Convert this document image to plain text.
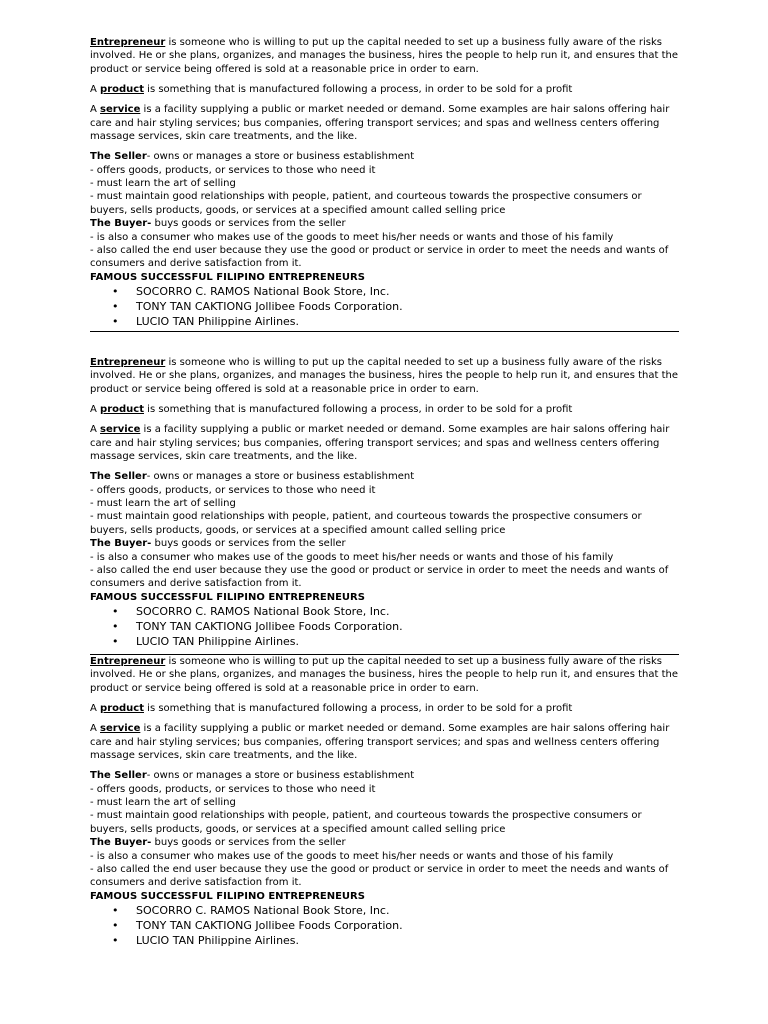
Entrepreneur is someone who is willing to put up the capital needed to set up a business fully aware of the risks involved. He or she plans, organizes, and manages the business, hires the people to help run it, and ensures that the product or service being offered is sold at a reasonable price in order to earn.

A product is something that is manufactured following a process, in order to be sold for a profit

A service is a facility supplying a public or market needed or demand. Some examples are hair salons offering hair care and hair styling services; bus companies, offering transport services; and spas and wellness centers offering massage services, skin care treatments, and the like.

The Seller- owns or manages a store or business establishment

- offers goods, products, or services to those who need it

- must learn the art of selling

- must maintain good relationships with people, patient, and courteous towards the prospective consumers or buyers, sells products, goods, or services at a specified amount called selling price

The Buyer- buys goods or services from the seller

- is also a consumer who makes use of the goods to meet his/her needs or wants and those of his family

- also called the end user because they use the good or product or service in order to meet the needs and wants of consumers and derive satisfaction from it.

FAMOUS SUCCESSFUL FILIPINO ENTREPRENEURS

• SOCORRO C. RAMOS National Book Store, Inc.
• TONY TAN CAKTIONG Jollibee Foods Corporation.
• LUCIO TAN Philippine Airlines.

Entrepreneur is someone who is willing to put up the capital needed to set up a business fully aware of the risks involved. He or she plans, organizes, and manages the business, hires the people to help run it, and ensures that the product or service being offered is sold at a reasonable price in order to earn.

A product is something that is manufactured following a process, in order to be sold for a profit

A service is a facility supplying a public or market needed or demand. Some examples are hair salons offering hair care and hair styling services; bus companies, offering transport services; and spas and wellness centers offering massage services, skin care treatments, and the like.

The Seller- owns or manages a store or business establishment

- offers goods, products, or services to those who need it

- must learn the art of selling

- must maintain good relationships with people, patient, and courteous towards the prospective consumers or buyers, sells products, goods, or services at a specified amount called selling price

The Buyer- buys goods or services from the seller

- is also a consumer who makes use of the goods to meet his/her needs or wants and those of his family

- also called the end user because they use the good or product or service in order to meet the needs and wants of consumers and derive satisfaction from it.

FAMOUS SUCCESSFUL FILIPINO ENTREPRENEURS

• SOCORRO C. RAMOS National Book Store, Inc.
• TONY TAN CAKTIONG Jollibee Foods Corporation.
• LUCIO TAN Philippine Airlines.

Entrepreneur is someone who is willing to put up the capital needed to set up a business fully aware of the risks involved. He or she plans, organizes, and manages the business, hires the people to help run it, and ensures that the product or service being offered is sold at a reasonable price in order to earn.

A product is something that is manufactured following a process, in order to be sold for a profit

A service is a facility supplying a public or market needed or demand. Some examples are hair salons offering hair care and hair styling services; bus companies, offering transport services; and spas and wellness centers offering massage services, skin care treatments, and the like.

The Seller- owns or manages a store or business establishment

- offers goods, products, or services to those who need it

- must learn the art of selling

- must maintain good relationships with people, patient, and courteous towards the prospective consumers or buyers, sells products, goods, or services at a specified amount called selling price

The Buyer- buys goods or services from the seller

- is also a consumer who makes use of the goods to meet his/her needs or wants and those of his family

- also called the end user because they use the good or product or service in order to meet the needs and wants of consumers and derive satisfaction from it.

FAMOUS SUCCESSFUL FILIPINO ENTREPRENEURS

• SOCORRO C. RAMOS National Book Store, Inc.
• TONY TAN CAKTIONG Jollibee Foods Corporation.
• LUCIO TAN Philippine Airlines.
